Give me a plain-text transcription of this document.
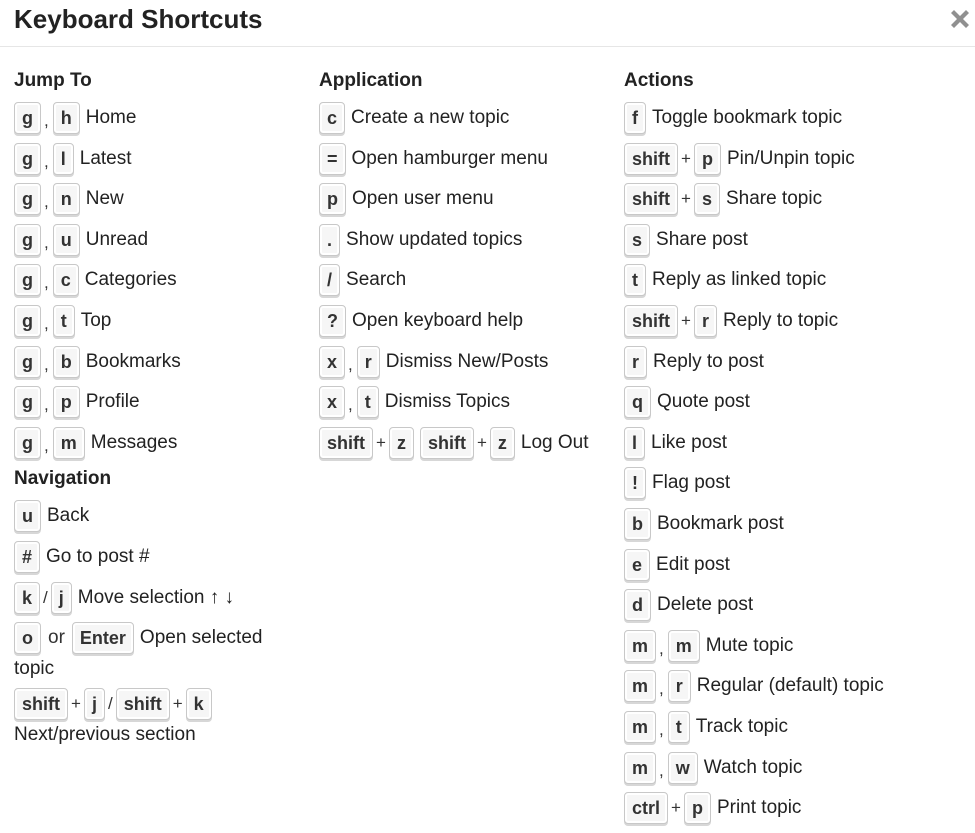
Keyboard Shortcuts
Jump To
g , h Home
g , l Latest
g , n New
g , u Unread
g , c Categories
g , t Top
g , b Bookmarks
g , p Profile
g , m Messages
Navigation
u Back
# Go to post #
k / j Move selection ↑ ↓
o or Enter Open selected
topic
shift + j / shift + k
Next/previous section
Application
c Create a new topic
= Open hamburger menu
p Open user menu
. Show updated topics
/ Search
? Open keyboard help
x , r Dismiss New/Posts
x , t Dismiss Topics
shift + z	shift + z Log Out
Actions
f Toggle bookmark topic
shift + p Pin/Unpin topic
shift + s Share topic
s Share post
t Reply as linked topic
shift + r Reply to topic
r Reply to post
q Quote post
l Like post
! Flag post
b Bookmark post
e Edit post
d Delete post
m , m Mute topic
m , r Regular (default) topic
m , t Track topic
m , w Watch topic
ctrl + p Print topic
